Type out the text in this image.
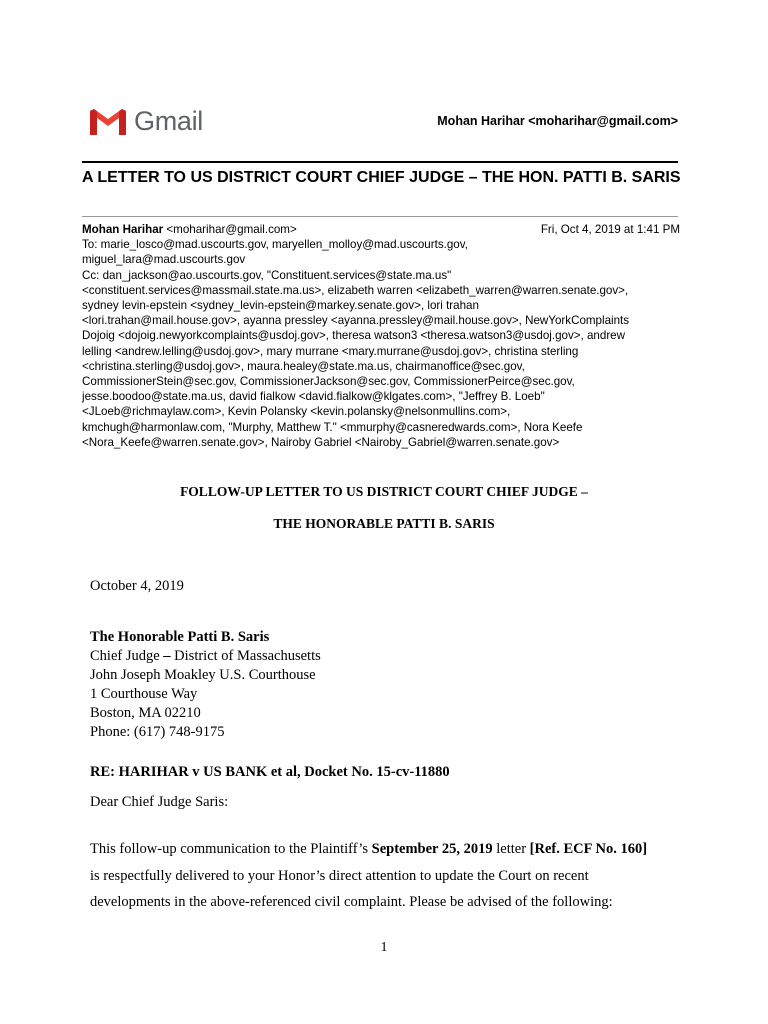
Gmail	Mohan Harihar <moharihar@gmail.com>
A LETTER TO US DISTRICT COURT CHIEF JUDGE – THE HON. PATTI B. SARIS
Mohan Harihar <moharihar@gmail.com>	Fri, Oct 4, 2019 at 1:41 PM
To: marie_losco@mad.uscourts.gov, maryellen_molloy@mad.uscourts.gov,
miguel_lara@mad.uscourts.gov
Cc: dan_jackson@ao.uscourts.gov, "Constituent.services@state.ma.us"
<constituent.services@massmail.state.ma.us>, elizabeth warren <elizabeth_warren@warren.senate.gov>,
sydney levin-epstein <sydney_levin-epstein@markey.senate.gov>, lori trahan
<lori.trahan@mail.house.gov>, ayanna pressley <ayanna.pressley@mail.house.gov>, NewYorkComplaints
Dojoig <dojoig.newyorkcomplaints@usdoj.gov>, theresa watson3 <theresa.watson3@usdoj.gov>, andrew
lelling <andrew.lelling@usdoj.gov>, mary murrane <mary.murrane@usdoj.gov>, christina sterling
<christina.sterling@usdoj.gov>, maura.healey@state.ma.us, chairmanoffice@sec.gov,
CommissionerStein@sec.gov, CommissionerJackson@sec.gov, CommissionerPeirce@sec.gov,
jesse.boodoo@state.ma.us, david fialkow <david.fialkow@klgates.com>, "Jeffrey B. Loeb"
<JLoeb@richmaylaw.com>, Kevin Polansky <kevin.polansky@nelsonmullins.com>,
kmchugh@harmonlaw.com, "Murphy, Matthew T." <mmurphy@casneredwards.com>, Nora Keefe
<Nora_Keefe@warren.senate.gov>, Nairoby Gabriel <Nairoby_Gabriel@warren.senate.gov>
FOLLOW-UP LETTER TO US DISTRICT COURT CHIEF JUDGE –
THE HONORABLE PATTI B. SARIS
October 4, 2019
The Honorable Patti B. Saris
Chief Judge – District of Massachusetts
John Joseph Moakley U.S. Courthouse
1 Courthouse Way
Boston, MA 02210
Phone: (617) 748-9175
RE: HARIHAR v US BANK et al, Docket No. 15-cv-11880
Dear Chief Judge Saris:
This follow-up communication to the Plaintiff’s September 25, 2019 letter [Ref. ECF No. 160]
is respectfully delivered to your Honor’s direct attention to update the Court on recent
developments in the above-referenced civil complaint. Please be advised of the following:
1
